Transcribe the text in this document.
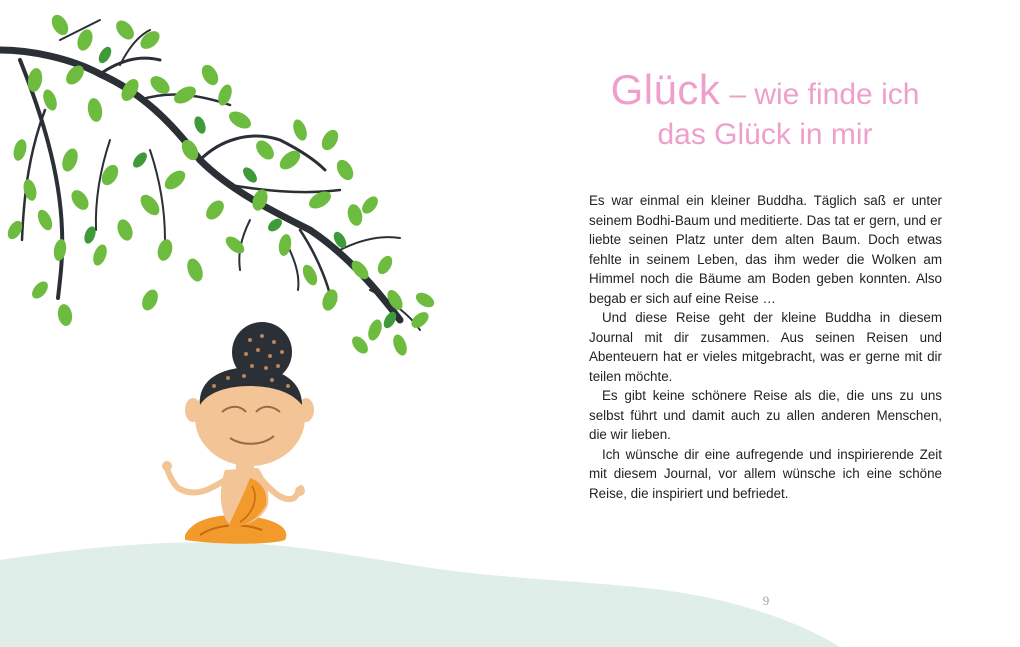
Glück – wie finde ich
das Glück in mir

Es war einmal ein kleiner Buddha. Täglich saß er unter seinem Bodhi-Baum und meditierte. Das tat er gern, und er liebte seinen Platz unter dem alten Baum. Doch etwas fehlte in seinem Leben, das ihm weder die Wolken am Himmel noch die Bäume am Boden geben konnten. Also begab er sich auf eine Reise …

Und diese Reise geht der kleine Buddha in diesem Journal mit dir zusammen. Aus seinen Reisen und Abenteuern hat er vieles mitgebracht, was er gerne mit dir teilen möchte.

Es gibt keine schönere Reise als die, die uns zu uns selbst führt und damit auch zu allen anderen Menschen, die wir lieben.

Ich wünsche dir eine aufregende und inspirierende Zeit mit diesem Journal, vor allem wünsche ich eine schöne Reise, die inspiriert und befriedet.

9
